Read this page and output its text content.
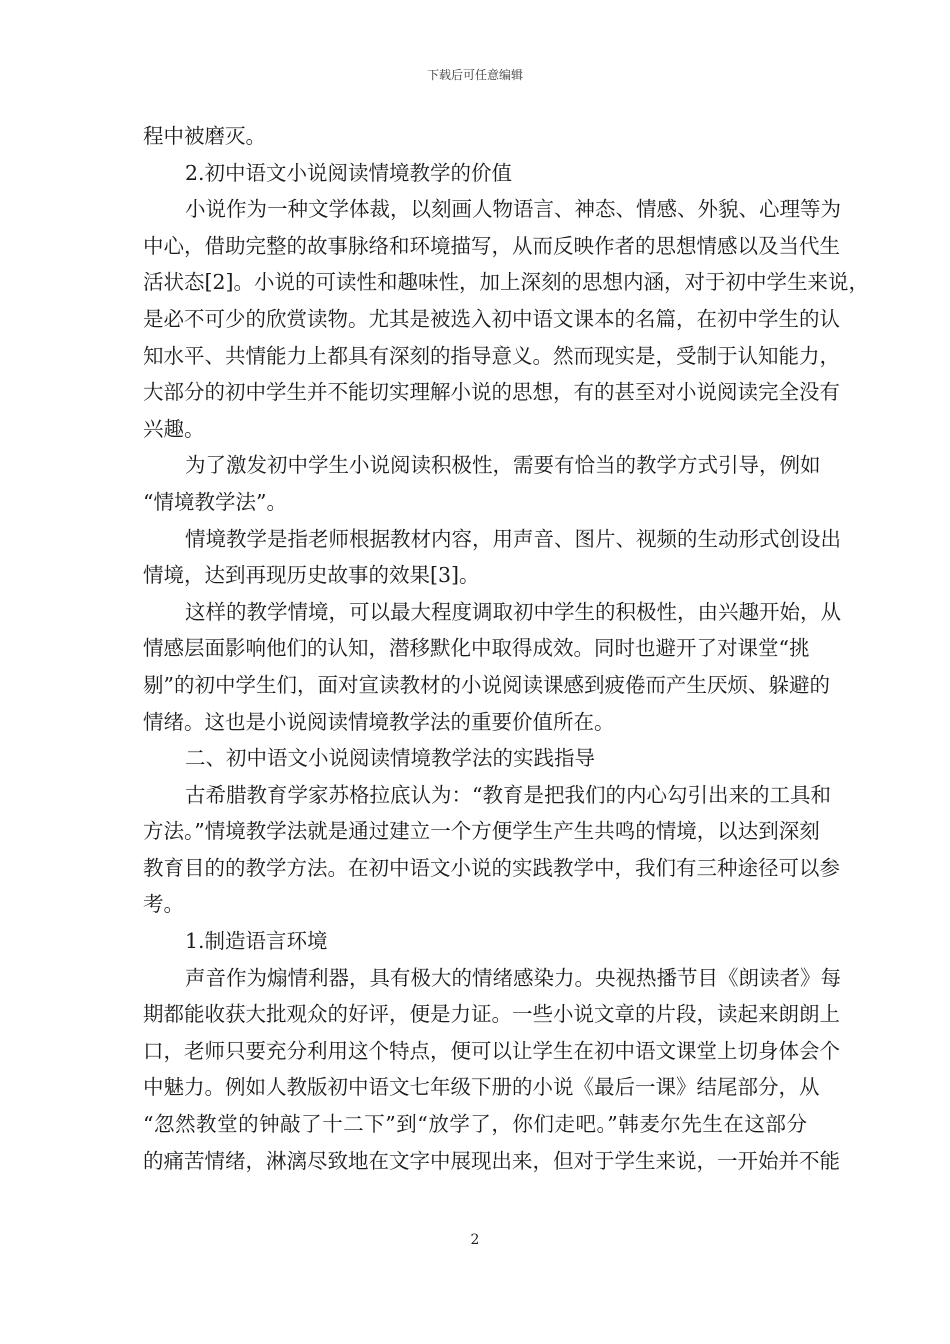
下载后可任意编辑
程中被磨灭。
2.初中语文小说阅读情境教学的价值
小说作为一种文学体裁，以刻画人物语言、神态、情感、外貌、心理等为
中心，借助完整的故事脉络和环境描写，从而反映作者的思想情感以及当代生
活状态[2]。小说的可读性和趣味性，加上深刻的思想内涵，对于初中学生来说，
是必不可少的欣赏读物。尤其是被选入初中语文课本的名篇，在初中学生的认
知水平、共情能力上都具有深刻的指导意义。然而现实是，受制于认知能力，
大部分的初中学生并不能切实理解小说的思想，有的甚至对小说阅读完全没有
兴趣。
为了激发初中学生小说阅读积极性，需要有恰当的教学方式引导，例如
“情境教学法”。
情境教学是指老师根据教材内容，用声音、图片、视频的生动形式创设出
情境，达到再现历史故事的效果[3]。
这样的教学情境，可以最大程度调取初中学生的积极性，由兴趣开始，从
情感层面影响他们的认知，潜移默化中取得成效。同时也避开了对课堂“挑
剔”的初中学生们，面对宣读教材的小说阅读课感到疲倦而产生厌烦、躲避的
情绪。这也是小说阅读情境教学法的重要价值所在。
二、初中语文小说阅读情境教学法的实践指导
古希腊教育学家苏格拉底认为：“教育是把我们的内心勾引出来的工具和
方法。”情境教学法就是通过建立一个方便学生产生共鸣的情境，以达到深刻
教育目的的教学方法。在初中语文小说的实践教学中，我们有三种途径可以参
考。
1.制造语言环境
声音作为煽情利器，具有极大的情绪感染力。央视热播节目《朗读者》每
期都能收获大批观众的好评，便是力证。一些小说文章的片段，读起来朗朗上
口，老师只要充分利用这个特点，便可以让学生在初中语文课堂上切身体会个
中魅力。例如人教版初中语文七年级下册的小说《最后一课》结尾部分，从
“忽然教堂的钟敲了十二下”到“放学了，你们走吧。”韩麦尔先生在这部分
的痛苦情绪，淋漓尽致地在文字中展现出来，但对于学生来说，一开始并不能
2
